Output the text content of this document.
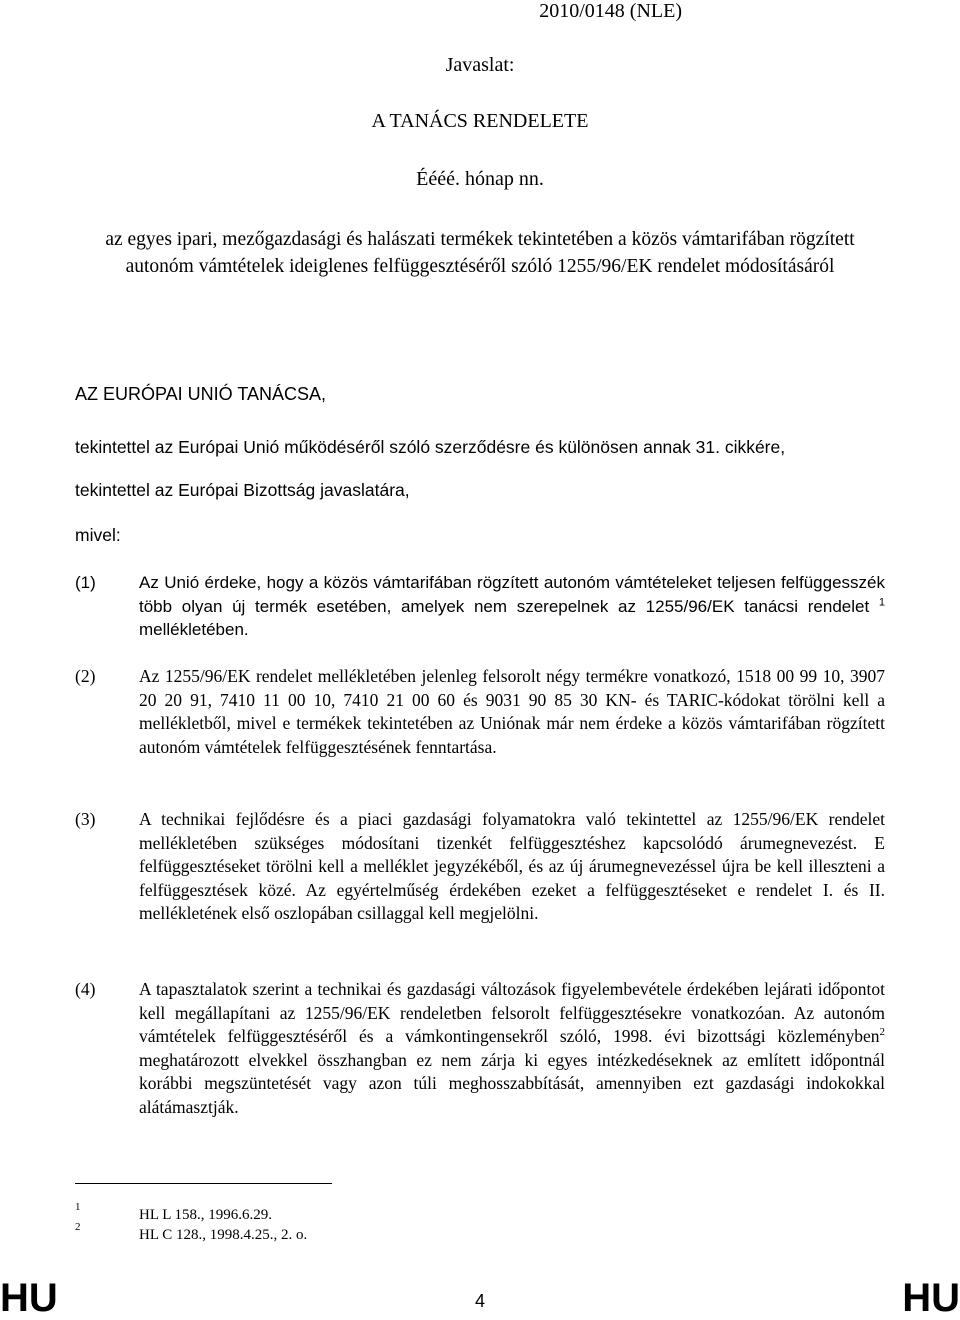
2010/0148 (NLE)
Javaslat:
A TANÁCS RENDELETE
Éééé. hónap nn.
az egyes ipari, mezőgazdasági és halászati termékek tekintetében a közös vámtarifában rögzített autonóm vámtételek ideiglenes felfüggesztéséről szóló 1255/96/EK rendelet módosításáról
AZ EURÓPAI UNIÓ TANÁCSA,
tekintettel az Európai Unió működéséről szóló szerződésre és különösen annak 31. cikkére,
tekintettel az Európai Bizottság javaslatára,
mivel:
(1)	Az Unió érdeke, hogy a közös vámtarifában rögzített autonóm vámtételeket teljesen felfüggesszék több olyan új termék esetében, amelyek nem szerepelnek az 1255/96/EK tanácsi rendelet $^1$ mellékletében.
(2) Az 1255/96/EK rendelet mellékletében jelenleg felsorolt négy termékre vonatkozó, 1518 00 99 10, 3907 20 20 91, 7410 11 00 10, 7410 21 00 60 és 9031 90 85 30 KN- és TARIC-kódokat törölni kell a mellékletből, mivel e termékek tekintetében az Uniónak már nem érdeke a közös vámtarifában rögzített autonóm vámtételek felfüggesztésének fenntartása.
(3) A technikai fejlődésre és a piaci gazdasági folyamatokra való tekintettel az 1255/96/EK rendelet mellékletében szükséges módosítani tizenkét felfüggesztéshez kapcsolódó árumegnevezést. E felfüggesztéseket törölni kell a melléklet jegyzékéből, és az új árumegnevezéssel újra be kell illeszteni a felfüggesztések közé. Az egyértelműség érdekében ezeket a felfüggesztéseket e rendelet I. és II. mellékletének első oszlopában csillaggal kell megjelölni.
(4) A tapasztalatok szerint a technikai és gazdasági változások figyelembevétele érdekében lejárati időpontot kell megállapítani az 1255/96/EK rendeletben felsorolt felfüggesztésekre vonatkozóan. Az autonóm vámtételek felfüggesztéséről és a vámkontingensekről szóló, 1998. évi bizottsági közleményben$^2$ meghatározott elvekkel összhangban ez nem zárja ki egyes intézkedéseknek az említett időpontnál korábbi megszüntetését vagy azon túli meghosszabbítását, amennyiben ezt gazdasági indokokkal alátámasztják.
1	HL L 158., 1996.6.29.
2	HL C 128., 1998.4.25., 2. o.
HU	4	HU
